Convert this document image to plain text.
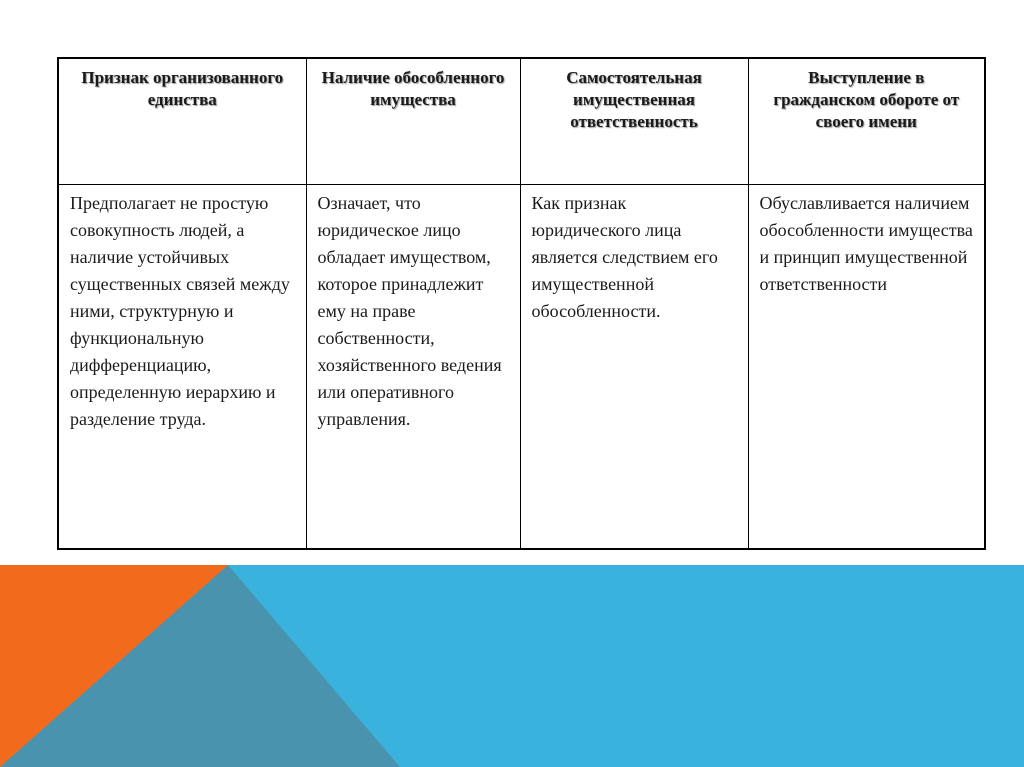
Признак организованного единства	Наличие обособленного имущества	Самостоятельная имущественная ответственность	Выступление в гражданском обороте от своего имени
Предполагает не простую совокупность людей, а наличие устойчивых существенных связей между ними, структурную и функциональную дифференциацию, определенную иерархию и разделение труда.	Означает, что юридическое лицо обладает имуществом, которое принадлежит ему на праве собственности, хозяйственного ведения или оперативного управления.	Как признак юридического лица является следствием его имущественной обособленности.	Обуславливается наличием обособленности имущества и принцип имущественной ответственности
